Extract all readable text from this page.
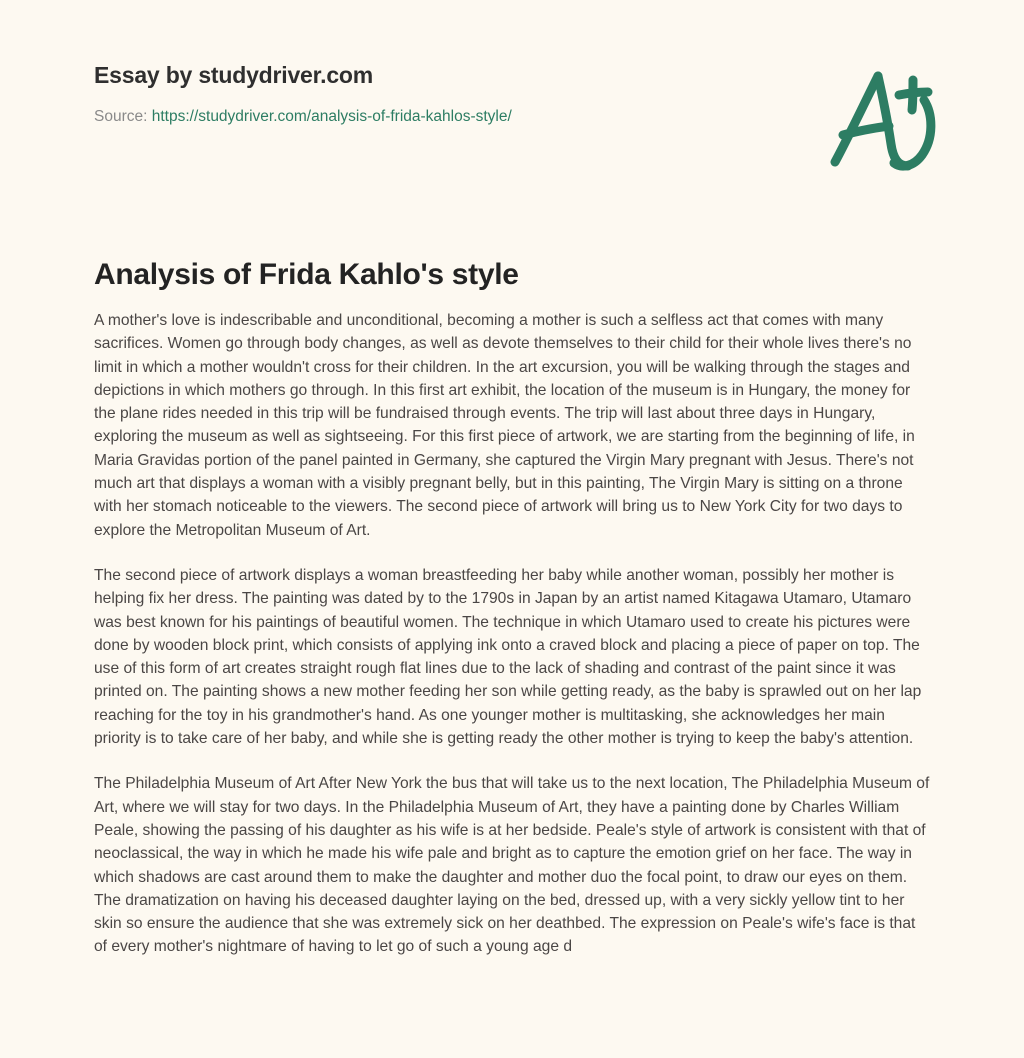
Essay by studydriver.com
Source: https://studydriver.com/analysis-of-frida-kahlos-style/
Analysis of Frida Kahlo's style

A mother's love is indescribable and unconditional, becoming a mother is such a selfless act that comes with many sacrifices. Women go through body changes, as well as devote themselves to their child for their whole lives there's no limit in which a mother wouldn't cross for their children. In the art excursion, you will be walking through the stages and depictions in which mothers go through. In this first art exhibit, the location of the museum is in Hungary, the money for the plane rides needed in this trip will be fundraised through events. The trip will last about three days in Hungary, exploring the museum as well as sightseeing. For this first piece of artwork, we are starting from the beginning of life, in Maria Gravidas portion of the panel painted in Germany, she captured the Virgin Mary pregnant with Jesus. There's not much art that displays a woman with a visibly pregnant belly, but in this painting, The Virgin Mary is sitting on a throne with her stomach noticeable to the viewers. The second piece of artwork will bring us to New York City for two days to explore the Metropolitan Museum of Art.

The second piece of artwork displays a woman breastfeeding her baby while another woman, possibly her mother is helping fix her dress. The painting was dated by to the 1790s in Japan by an artist named Kitagawa Utamaro, Utamaro was best known for his paintings of beautiful women. The technique in which Utamaro used to create his pictures were done by wooden block print, which consists of applying ink onto a craved block and placing a piece of paper on top. The use of this form of art creates straight rough flat lines due to the lack of shading and contrast of the paint since it was printed on. The painting shows a new mother feeding her son while getting ready, as the baby is sprawled out on her lap reaching for the toy in his grandmother's hand. As one younger mother is multitasking, she acknowledges her main priority is to take care of her baby, and while she is getting ready the other mother is trying to keep the baby's attention.

The Philadelphia Museum of Art After New York the bus that will take us to the next location, The Philadelphia Museum of Art, where we will stay for two days. In the Philadelphia Museum of Art, they have a painting done by Charles William Peale, showing the passing of his daughter as his wife is at her bedside. Peale's style of artwork is consistent with that of neoclassical, the way in which he made his wife pale and bright as to capture the emotion grief on her face. The way in which shadows are cast around them to make the daughter and mother duo the focal point, to draw our eyes on them. The dramatization on having his deceased daughter laying on the bed, dressed up, with a very sickly yellow tint to her skin so ensure the audience that she was extremely sick on her deathbed. The expression on Peale's wife's face is that of every mother's nightmare of having to let go of such a young age d
